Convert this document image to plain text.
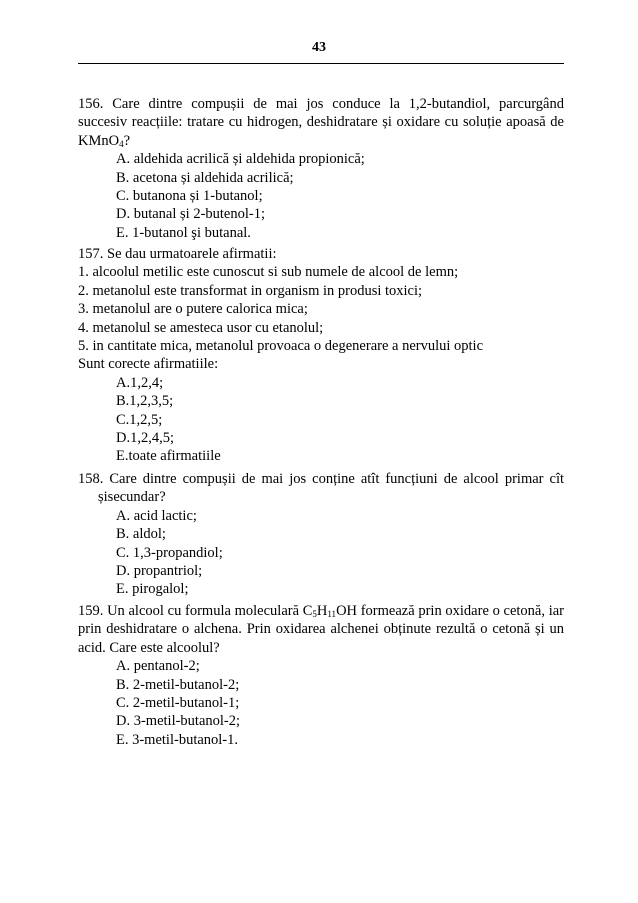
43
156. Care dintre compușii de mai jos conduce la 1,2-butandiol, parcurgând succesiv reacțiile: tratare cu hidrogen, deshidratare și oxidare cu soluție apoasă de KMnO$_4$?
A. aldehida acrilică și aldehida propionică;
B. acetona și aldehida acrilică;
C. butanona și 1-butanol;
D. butanal și 2-butenol-1;
E. 1-butanol şi butanal.
157. Se dau urmatoarele afirmatii:
1. alcoolul metilic este cunoscut si sub numele de alcool de lemn;
2. metanolul este transformat in organism in produsi toxici;
3. metanolul are o putere calorica mica;
4. metanolul se amesteca usor cu etanolul;
5. in cantitate mica, metanolul provoaca o degenerare a nervului optic
Sunt corecte afirmatiile:
A.1,2,4;
B.1,2,3,5;
C.1,2,5;
D.1,2,4,5;
E.toate afirmatiile
158. Care dintre compușii de mai jos conține atît funcțiuni de alcool primar cît
șisecundar?
A. acid lactic;
B. aldol;
C. 1,3-propandiol;
D. propantriol;
E. pirogalol;
159. Un alcool cu formula moleculară $C_5H_{11}OH$ formează prin oxidare o cetonă, iar prin deshidratare o alchena. Prin oxidarea alchenei obținute rezultă o cetonă și un acid. Care este alcoolul?
A. pentanol-2;
B. 2-metil-butanol-2;
C. 2-metil-butanol-1;
D. 3-metil-butanol-2;
E. 3-metil-butanol-1.
